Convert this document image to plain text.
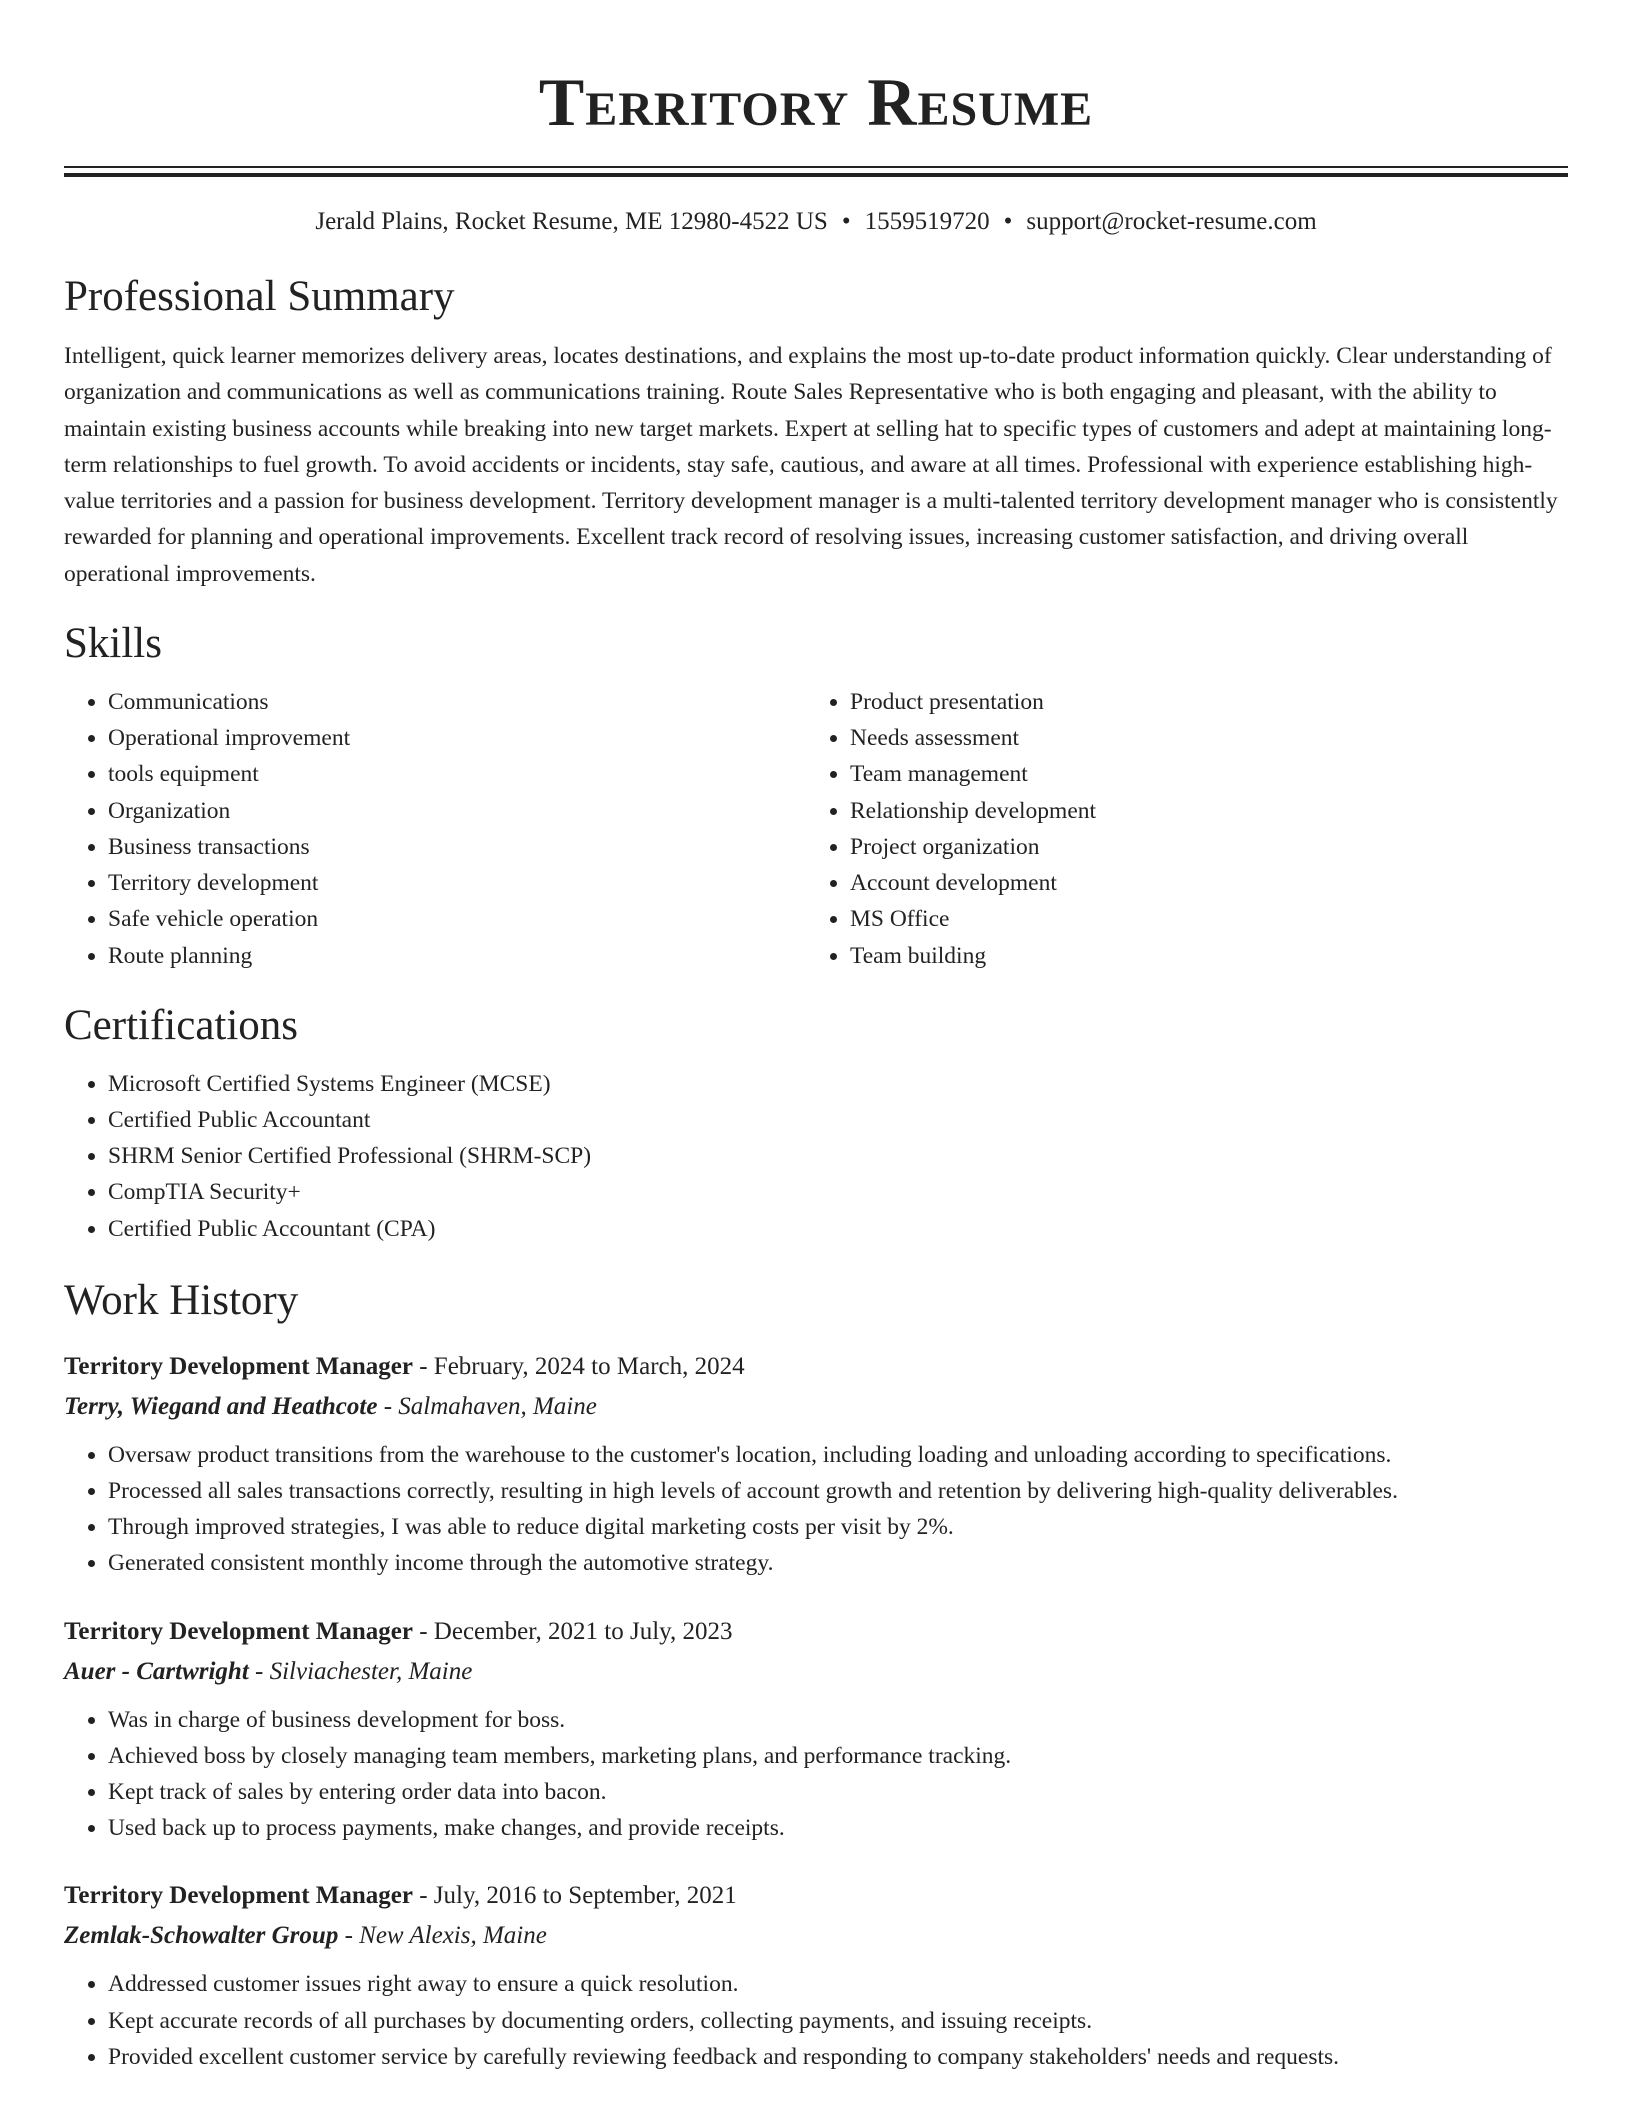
Territory Resume
Jerald Plains, Rocket Resume, ME 12980-4522 US • 1559519720 • support@rocket-resume.com
Professional Summary

Intelligent, quick learner memorizes delivery areas, locates destinations, and explains the most up-to-date product information quickly. Clear understanding of organization and communications as well as communications training. Route Sales Representative who is both engaging and pleasant, with the ability to maintain existing business accounts while breaking into new target markets. Expert at selling hat to specific types of customers and adept at maintaining long-term relationships to fuel growth. To avoid accidents or incidents, stay safe, cautious, and aware at all times. Professional with experience establishing high-value territories and a passion for business development. Territory development manager is a multi-talented territory development manager who is consistently rewarded for planning and operational improvements. Excellent track record of resolving issues, increasing customer satisfaction, and driving overall operational improvements.

Skills
• Communications
• Operational improvement
• tools equipment
• Organization
• Business transactions
• Territory development
• Safe vehicle operation
• Route planning
• Product presentation
• Needs assessment
• Team management
• Relationship development
• Project organization
• Account development
• MS Office
• Team building
Certifications
• Microsoft Certified Systems Engineer (MCSE)
• Certified Public Accountant
• SHRM Senior Certified Professional (SHRM-SCP)
• CompTIA Security+
• Certified Public Accountant (CPA)
Work History
Territory Development Manager - February, 2024 to March, 2024
Terry, Wiegand and Heathcote - Salmahaven, Maine
• Oversaw product transitions from the warehouse to the customer's location, including loading and unloading according to specifications.
• Processed all sales transactions correctly, resulting in high levels of account growth and retention by delivering high-quality deliverables.
• Through improved strategies, I was able to reduce digital marketing costs per visit by 2%.
• Generated consistent monthly income through the automotive strategy.
Territory Development Manager - December, 2021 to July, 2023
Auer - Cartwright - Silviachester, Maine
• Was in charge of business development for boss.
• Achieved boss by closely managing team members, marketing plans, and performance tracking.
• Kept track of sales by entering order data into bacon.
• Used back up to process payments, make changes, and provide receipts.
Territory Development Manager - July, 2016 to September, 2021
Zemlak-Schowalter Group - New Alexis, Maine
• Addressed customer issues right away to ensure a quick resolution.
• Kept accurate records of all purchases by documenting orders, collecting payments, and issuing receipts.
• Provided excellent customer service by carefully reviewing feedback and responding to company stakeholders' needs and requests.
